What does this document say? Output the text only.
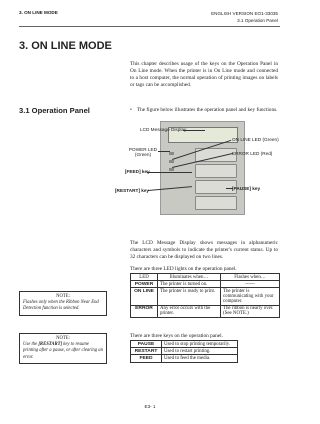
3. ON LINE MODE	ENGLISH VERSION EO1-33035
3.1 Operation Panel
3. ON LINE MODE
This chapter describes usage of the keys on the Operation Panel in On Line mode. When the printer is in On Line mode and connected to a host computer, the normal operation of printing images on labels or tags can be accomplished.
3.1 Operation Panel	• The figure below illustrates the operation panel and key functions.
LCD Message Display
ON LINE LED (Green)
POWER LED
(Green)	ERROR LED (Red)
[FEED] key
[RESTART] key	[PAUSE] key
The LCD Message Display shows messages in alphanumeric characters and symbols to indicate the printer's current status. Up to 32 characters can be displayed on two lines.
There are three LED lights on the operation panel.
LED	Illuminates when…	Flashes when…
POWER	The printer is turned on.	------
ON LINE	The printer is ready to print.	The printer is communicating with your computer.
ERROR	Any error occurs with the printer.	The ribbon is nearly over. (See NOTE.)
NOTE:
Flashes only when the Ribbon Near End Detection function is selected.
NOTE:
Use the [RESTART] key to resume printing after a pause, or after clearing an error.
There are three keys on the operation panel.
PAUSE	Used to stop printing temporarily.
RESTART	Used to restart printing.
FEED	Used to feed the media.
E3- 1
